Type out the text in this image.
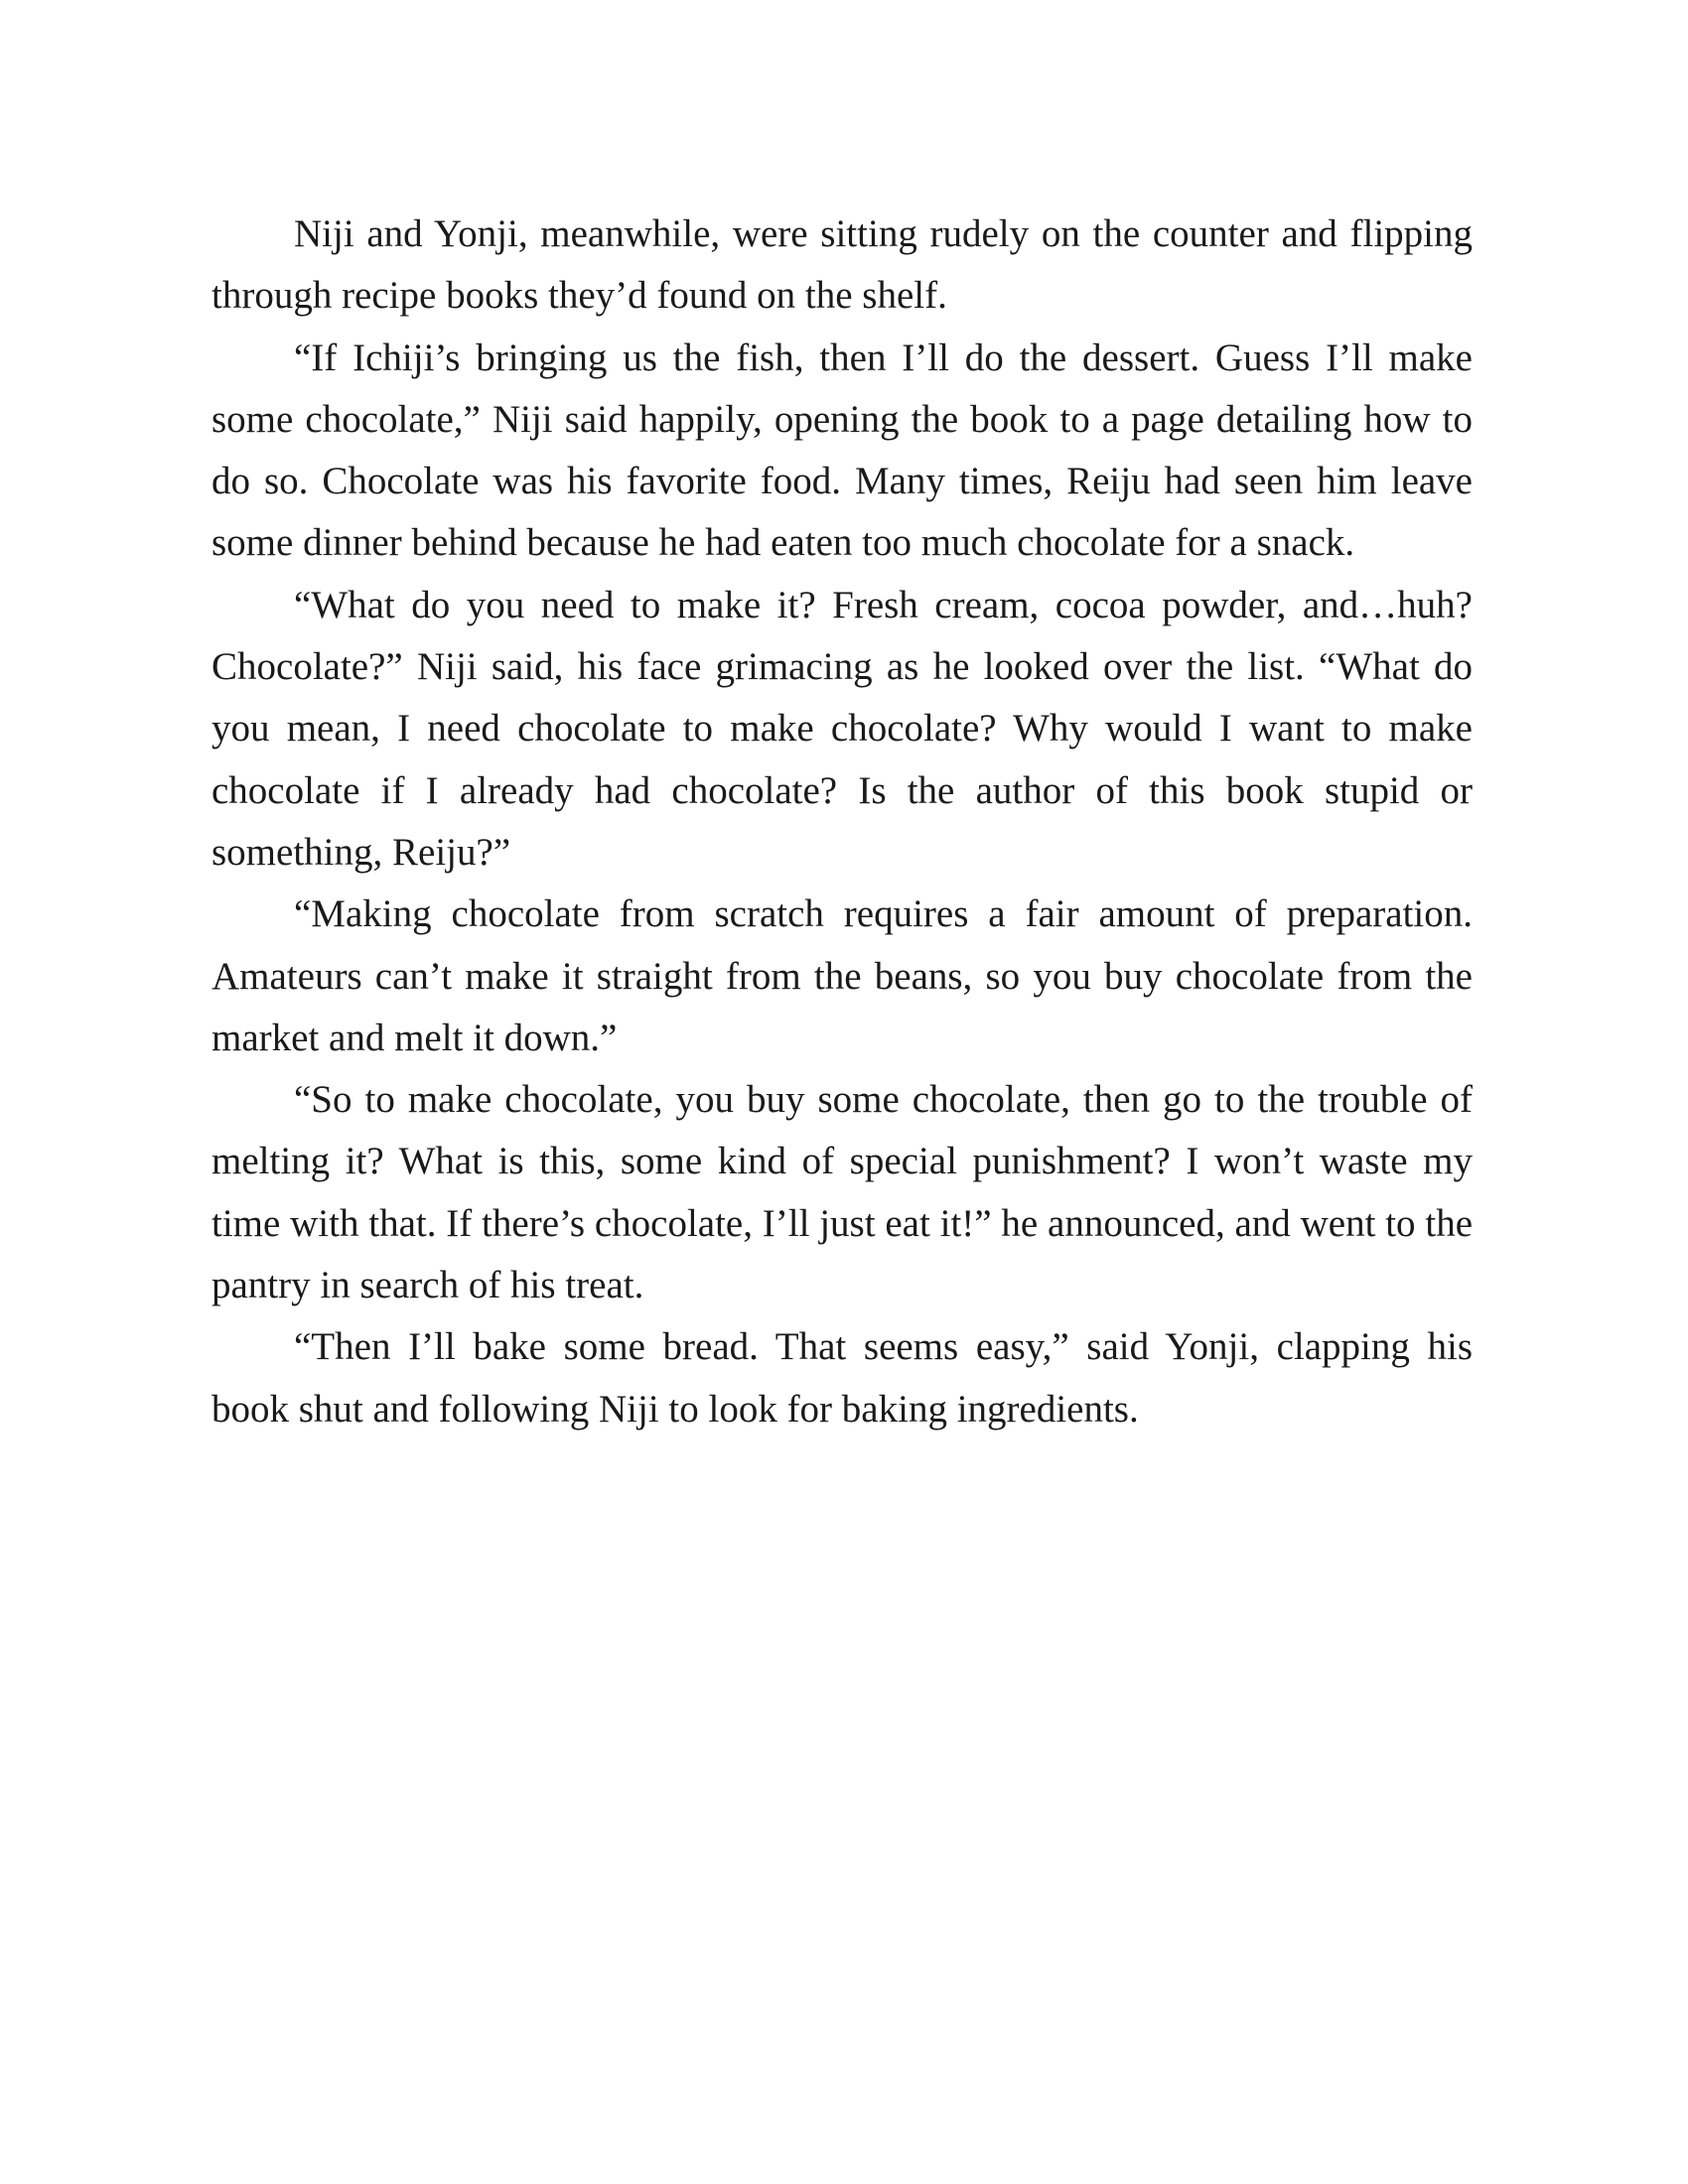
Niji and Yonji, meanwhile, were sitting rudely on the counter and flipping through recipe books they’d found on the shelf.

“If Ichiji’s bringing us the fish, then I’ll do the dessert. Guess I’ll make some chocolate,” Niji said happily, opening the book to a page detailing how to do so. Chocolate was his favorite food. Many times, Reiju had seen him leave some dinner behind because he had eaten too much chocolate for a snack.

“What do you need to make it? Fresh cream, cocoa powder, and…huh? Chocolate?” Niji said, his face grimacing as he looked over the list. “What do you mean, I need chocolate to make chocolate? Why would I want to make chocolate if I already had chocolate? Is the author of this book stupid or something, Reiju?”

“Making chocolate from scratch requires a fair amount of preparation. Amateurs can’t make it straight from the beans, so you buy chocolate from the market and melt it down.”

“So to make chocolate, you buy some chocolate, then go to the trouble of melting it? What is this, some kind of special punishment? I won’t waste my time with that. If there’s chocolate, I’ll just eat it!” he announced, and went to the pantry in search of his treat.

“Then I’ll bake some bread. That seems easy,” said Yonji, clapping his book shut and following Niji to look for baking ingredients.
